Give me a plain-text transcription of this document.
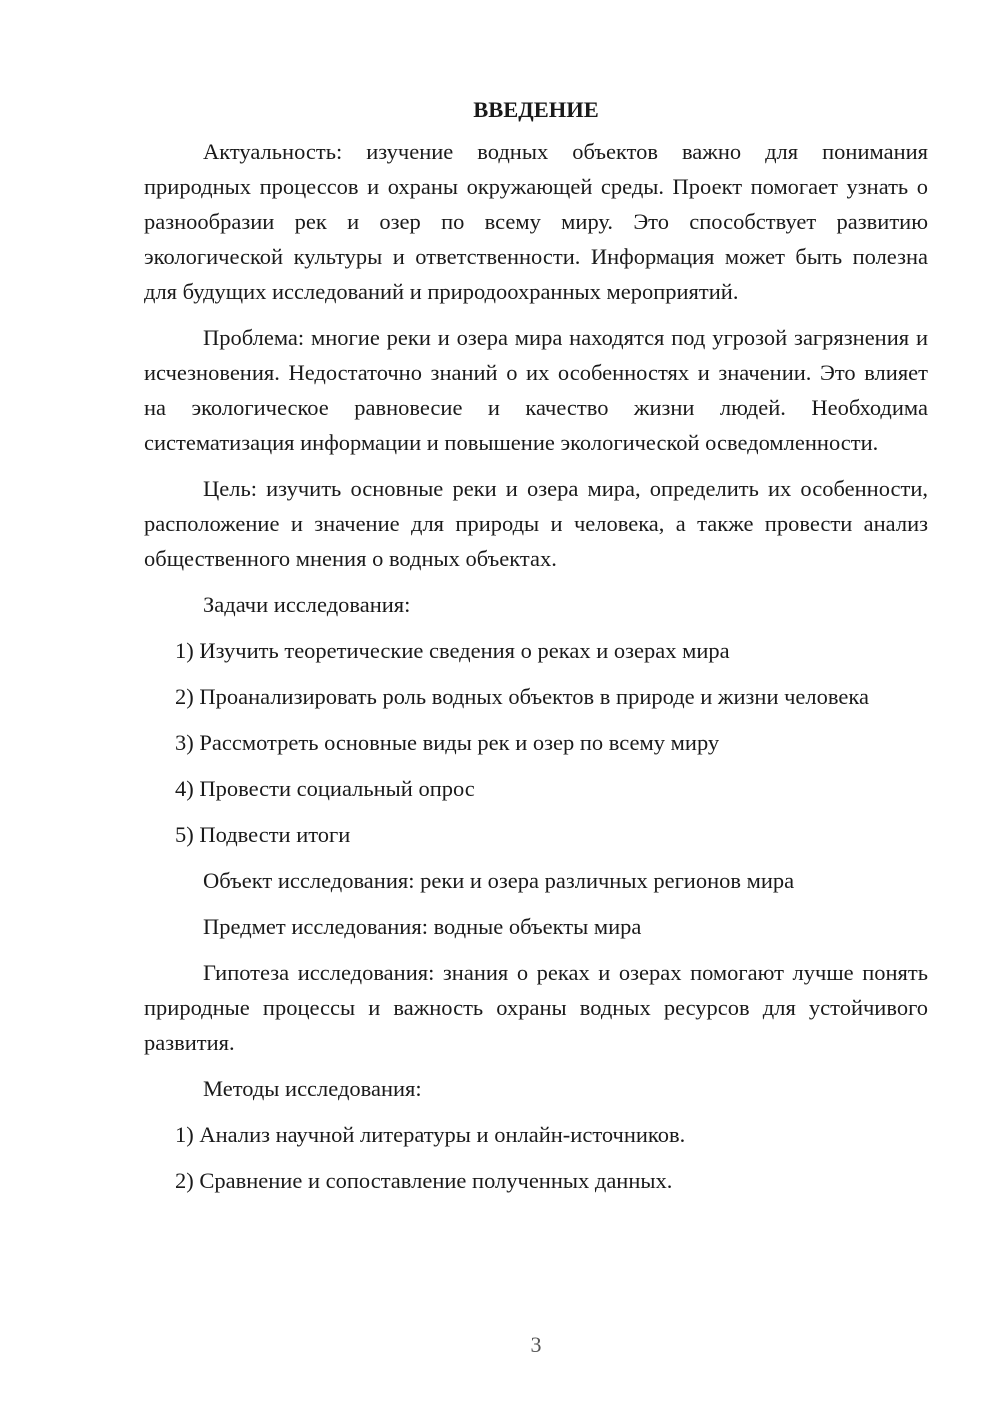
ВВЕДЕНИЕ
Актуальность: изучение водных объектов важно для понимания природных процессов и охраны окружающей среды. Проект помогает узнать о разнообразии рек и озер по всему миру. Это способствует развитию экологической культуры и ответственности. Информация может быть полезна для будущих исследований и природоохранных мероприятий.
Проблема: многие реки и озера мира находятся под угрозой загрязнения и исчезновения. Недостаточно знаний о их особенностях и значении. Это влияет на экологическое равновесие и качество жизни людей. Необходима систематизация информации и повышение экологической осведомленности.
Цель: изучить основные реки и озера мира, определить их особенности, расположение и значение для природы и человека, а также провести анализ общественного мнения о водных объектах.
Задачи исследования:
1) Изучить теоретические сведения о реках и озерах мира
2) Проанализировать роль водных объектов в природе и жизни человека
3) Рассмотреть основные виды рек и озер по всему миру
4) Провести социальный опрос
5) Подвести итоги
Объект исследования: реки и озера различных регионов мира
Предмет исследования: водные объекты мира
Гипотеза исследования: знания о реках и озерах помогают лучше понять природные процессы и важность охраны водных ресурсов для устойчивого развития.
Методы исследования:
1) Анализ научной литературы и онлайн-источников.
2) Сравнение и сопоставление полученных данных.
3
